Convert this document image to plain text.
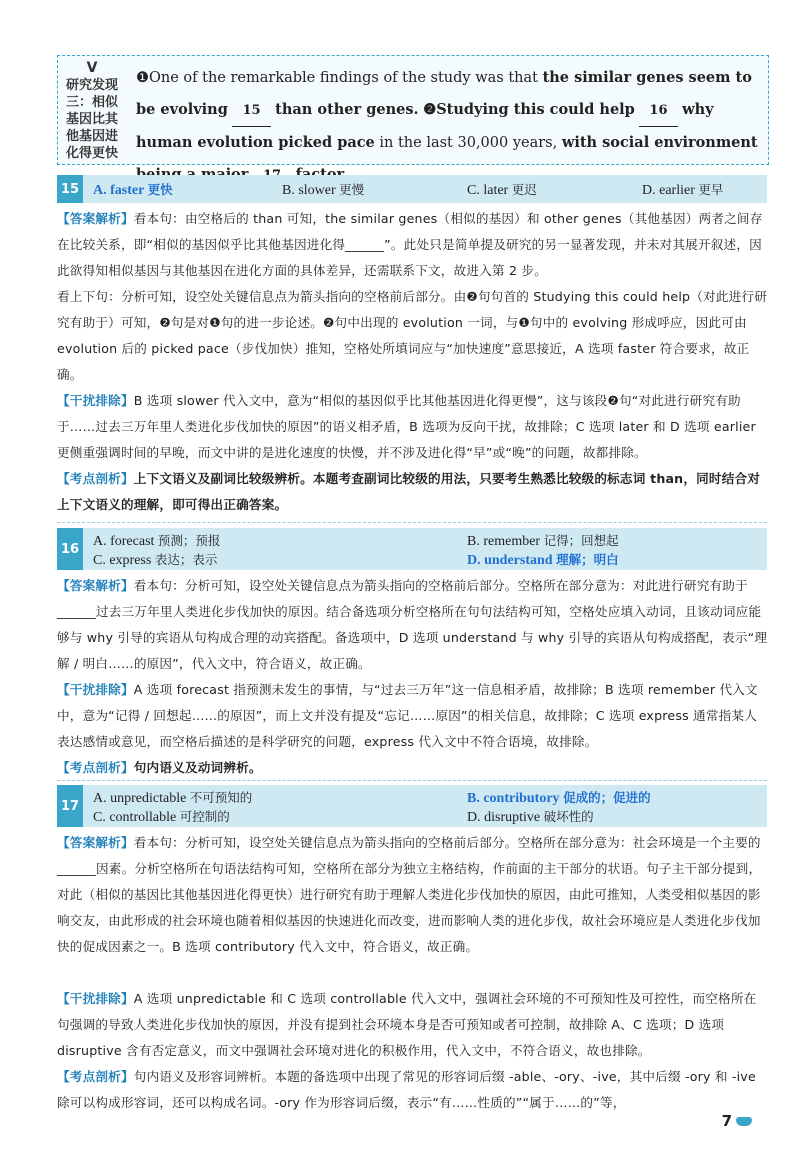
V
研究发现
三：相似
基因比其
他基因进
化得更快
❶One of the remarkable findings of the study was that the similar genes seem to be evolving 15 than other genes. ❷Studying this could help 16 why human evolution picked pace in the last 30,000 years, with social environment
15 A. faster 更快	B. slower 更慢	C. later 更迟	D. earlier 更早
【答案解析】看本句：由空格后的 than 可知，the similar genes（相似的基因）和 other genes（其他基因）两者之间存在比较关系，即“相似的基因似乎比其他基因进化得______”。此处只是简单提及研究的另一显著发现，并未对其展开叙述，因此欲得知相似基因与其他基因在进化方面的具体差异，还需联系下文，故进入第 2 步。
看上下句：分析可知，设空处关键信息点为箭头指向的空格前后部分。由❷句句首的 Studying this could help（对此进行研究有助于）可知，❷句是对❶句的进一步论述。❷句中出现的 evolution 一词，与❶句中的 evolving 形成呼应，因此可由 evolution 后的 picked pace（步伐加快）推知，空格处所填词应与“加快速度”意思接近，A 选项 faster 符合要求，故正确。
【干扰排除】B 选项 slower 代入文中，意为“相似的基因似乎比其他基因进化得更慢”，这与该段❷句“对此进行研究有助于……过去三万年里人类进化步伐加快的原因”的语义相矛盾，B 选项为反向干扰，故排除；C 选项 later 和 D 选项 earlier 更侧重强调时间的早晚，而文中讲的是进化速度的快慢，并不涉及进化得“早”或“晚”的问题，故都排除。
【考点剖析】上下文语义及副词比较级辨析。本题考查副词比较级的用法，只要考生熟悉比较级的标志词 than，同时结合对上下文语义的理解，即可得出正确答案。
16 A. forecast 预测；预报	B. remember 记得；回想起
C. express 表达；表示	D. understand 理解；明白
【答案解析】看本句：分析可知，设空处关键信息点为箭头指向的空格前后部分。空格所在部分意为：对此进行研究有助于______过去三万年里人类进化步伐加快的原因。结合备选项分析空格所在句句法结构可知，空格处应填入动词，且该动词应能够与 why 引导的宾语从句构成合理的动宾搭配。备选项中，D 选项 understand 与 why 引导的宾语从句构成搭配，表示“理解 / 明白……的原因”，代入文中，符合语义，故正确。
【干扰排除】A 选项 forecast 指预测未发生的事情，与“过去三万年”这一信息相矛盾，故排除；B 选项 remember 代入文中，意为“记得 / 回想起……的原因”，而上文并没有提及“忘记……原因”的相关信息，故排除；C 选项 express 通常指某人表达感情或意见，而空格后描述的是科学研究的问题，express 代入文中不符合语境，故排除。
【考点剖析】句内语义及动词辨析。
17 A. unpredictable 不可预知的	B. contributory 促成的；促进的
C. controllable 可控制的	D. disruptive 破坏性的
【答案解析】看本句：分析可知，设空处关键信息点为箭头指向的空格前后部分。空格所在部分意为：社会环境是一个主要的______因素。分析空格所在句语法结构可知，空格所在部分为独立主格结构，作前面的主干部分的状语。句子主干部分提到，对此（相似的基因比其他基因进化得更快）进行研究有助于理解人类进化步伐加快的原因，由此可推知，人类受相似基因的影响交友，由此形成的社会环境也随着相似基因的快速进化而改变，进而影响人类的进化步伐，故社会环境应是人类进化步伐加快的促成因素之一。B 选项 contributory 代入文中，符合语义，故正确。
【干扰排除】A 选项 unpredictable 和 C 选项 controllable 代入文中，强调社会环境的不可预知性及可控性，而空格所在句强调的导致人类进化步伐加快的原因，并没有提到社会环境本身是否可预知或者可控制，故排除 A、C 选项；D 选项 disruptive 含有否定意义，而文中强调社会环境对进化的积极作用，代入文中，不符合语义，故也排除。
【考点剖析】句内语义及形容词辨析。本题的备选项中出现了常见的形容词后缀 -able、-ory、-ive，其中后缀 -ory 和 -ive 除可以构成形容词，还可以构成名词。-ory 作为形容词后缀，表示“有……性质的”“属于……的”等，
7
